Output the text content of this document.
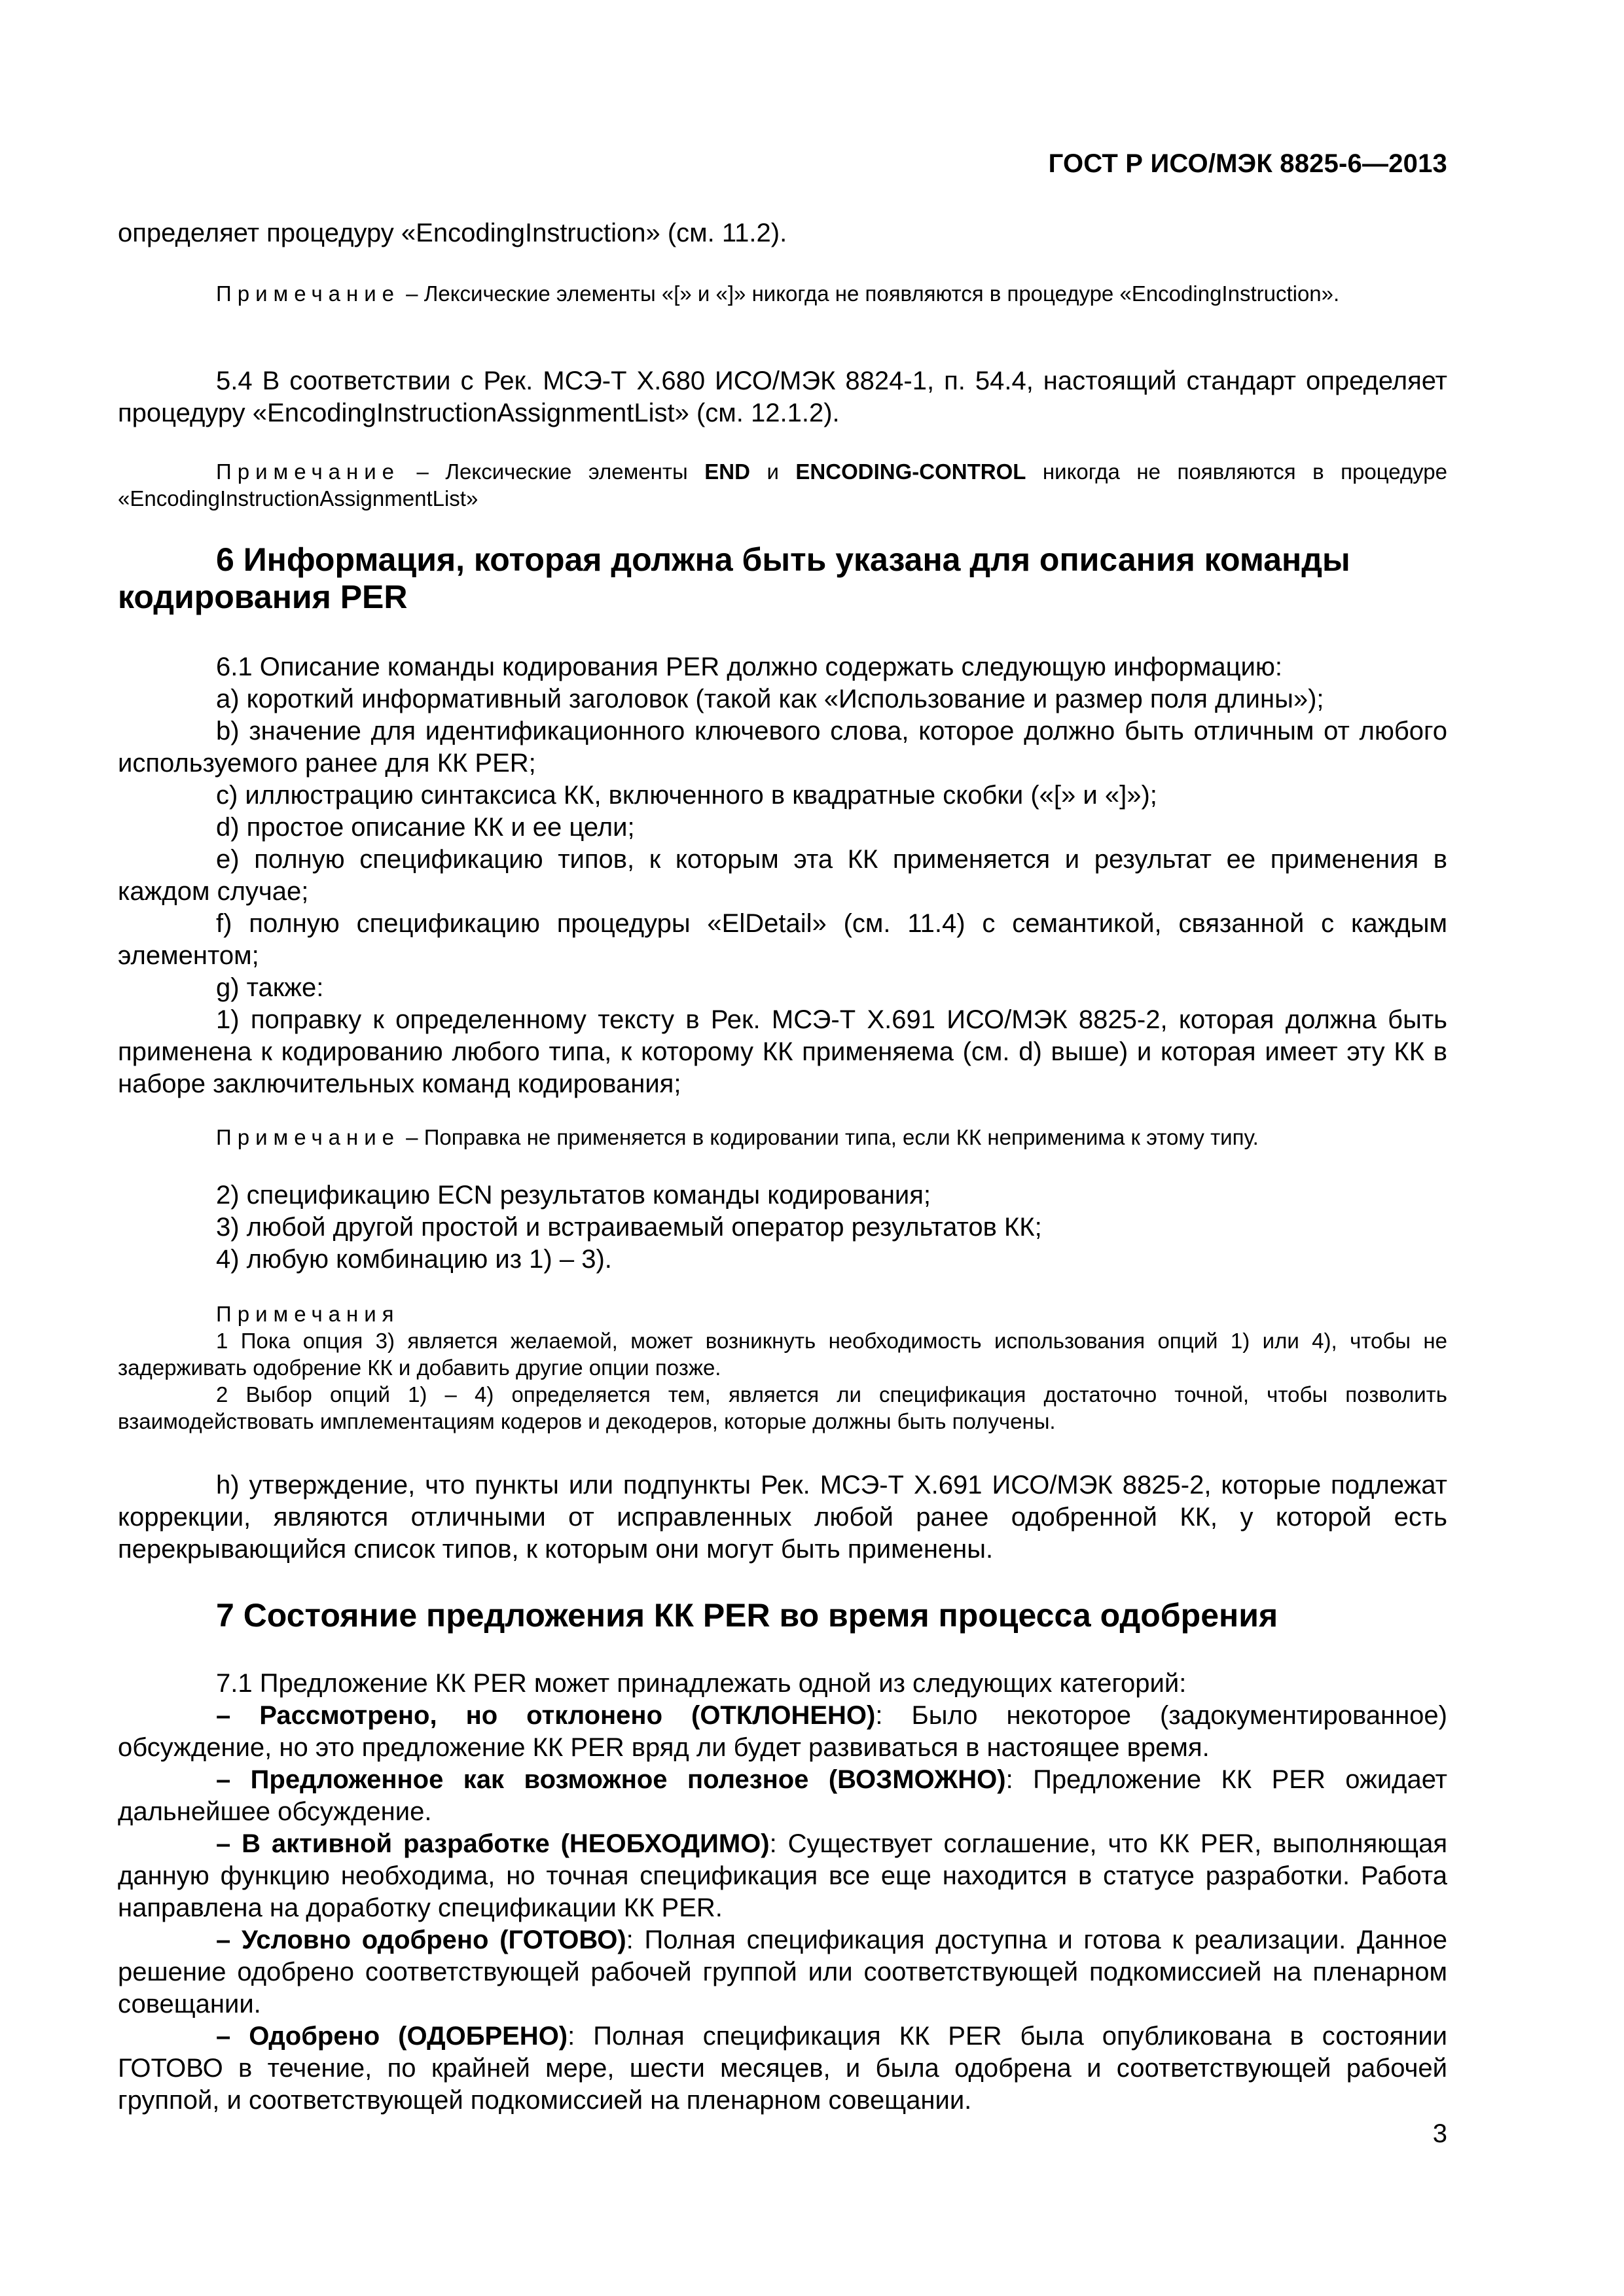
ГОСТ Р ИСО/МЭК 8825-6—2013

определяет процедуру «EncodingInstruction» (см. 11.2).

Примечание – Лексические элементы «[» и «]» никогда не появляются в процедуре «EncodingInstruction».

5.4 В соответствии с Рек. МСЭ-Т X.680 ИСО/МЭК 8824-1, п. 54.4, настоящий стандарт определяет процедуру «EncodingInstructionAssignmentList» (см. 12.1.2).

Примечание – Лексические элементы END и ENCODING-CONTROL никогда не появляются в процедуре «EncodingInstructionAssignmentList»

6 Информация, которая должна быть указана для описания команды кодирования PER

6.1 Описание команды кодирования PER должно содержать следующую информацию:

a) короткий информативный заголовок (такой как «Использование и размер поля длины»);

b) значение для идентификационного ключевого слова, которое должно быть отличным от любого используемого ранее для КК PER;

c) иллюстрацию синтаксиса КК, включенного в квадратные скобки («[» и «]»);

d) простое описание КК и ее цели;

e) полную спецификацию типов, к которым эта КК применяется и результат ее применения в каждом случае;

f) полную спецификацию процедуры «ElDetail» (см. 11.4) с семантикой, связанной с каждым элементом;

g) также:

1) поправку к определенному тексту в Рек. МСЭ-Т X.691 ИСО/МЭК 8825-2, которая должна быть применена к кодированию любого типа, к которому КК применяема (см. d) выше) и которая имеет эту КК в наборе заключительных команд кодирования;

Примечание – Поправка не применяется в кодировании типа, если КК неприменима к этому типу.

2) спецификацию ECN результатов команды кодирования;

3) любой другой простой и встраиваемый оператор результатов КК;

4) любую комбинацию из 1) – 3).

Примечания

1 Пока опция 3) является желаемой, может возникнуть необходимость использования опций 1) или 4), чтобы не задерживать одобрение КК и добавить другие опции позже.

2 Выбор опций 1) – 4) определяется тем, является ли спецификация достаточно точной, чтобы позволить взаимодействовать имплементациям кодеров и декодеров, которые должны быть получены.

h) утверждение, что пункты или подпункты Рек. МСЭ-Т X.691 ИСО/МЭК 8825-2, которые подлежат коррекции, являются отличными от исправленных любой ранее одобренной КК, у которой есть перекрывающийся список типов, к которым они могут быть применены.

7 Состояние предложения КК PER во время процесса одобрения

7.1 Предложение КК PER может принадлежать одной из следующих категорий:

– Рассмотрено, но отклонено (ОТКЛОНЕНО): Было некоторое (задокументированное) обсуждение, но это предложение КК PER вряд ли будет развиваться в настоящее время.

– Предложенное как возможное полезное (ВОЗМОЖНО): Предложение КК PER ожидает дальнейшее обсуждение.

– В активной разработке (НЕОБХОДИМО): Существует соглашение, что КК PER, выполняющая данную функцию необходима, но точная спецификация все еще находится в статусе разработки. Работа направлена на доработку спецификации КК PER.

– Условно одобрено (ГОТОВО): Полная спецификация доступна и готова к реализации. Данное решение одобрено соответствующей рабочей группой или соответствующей подкомиссией на пленарном совещании.

– Одобрено (ОДОБРЕНО): Полная спецификация КК PER была опубликована в состоянии ГОТОВО в течение, по крайней мере, шести месяцев, и была одобрена и соответствующей рабочей группой, и соответствующей подкомиссией на пленарном совещании.

3
